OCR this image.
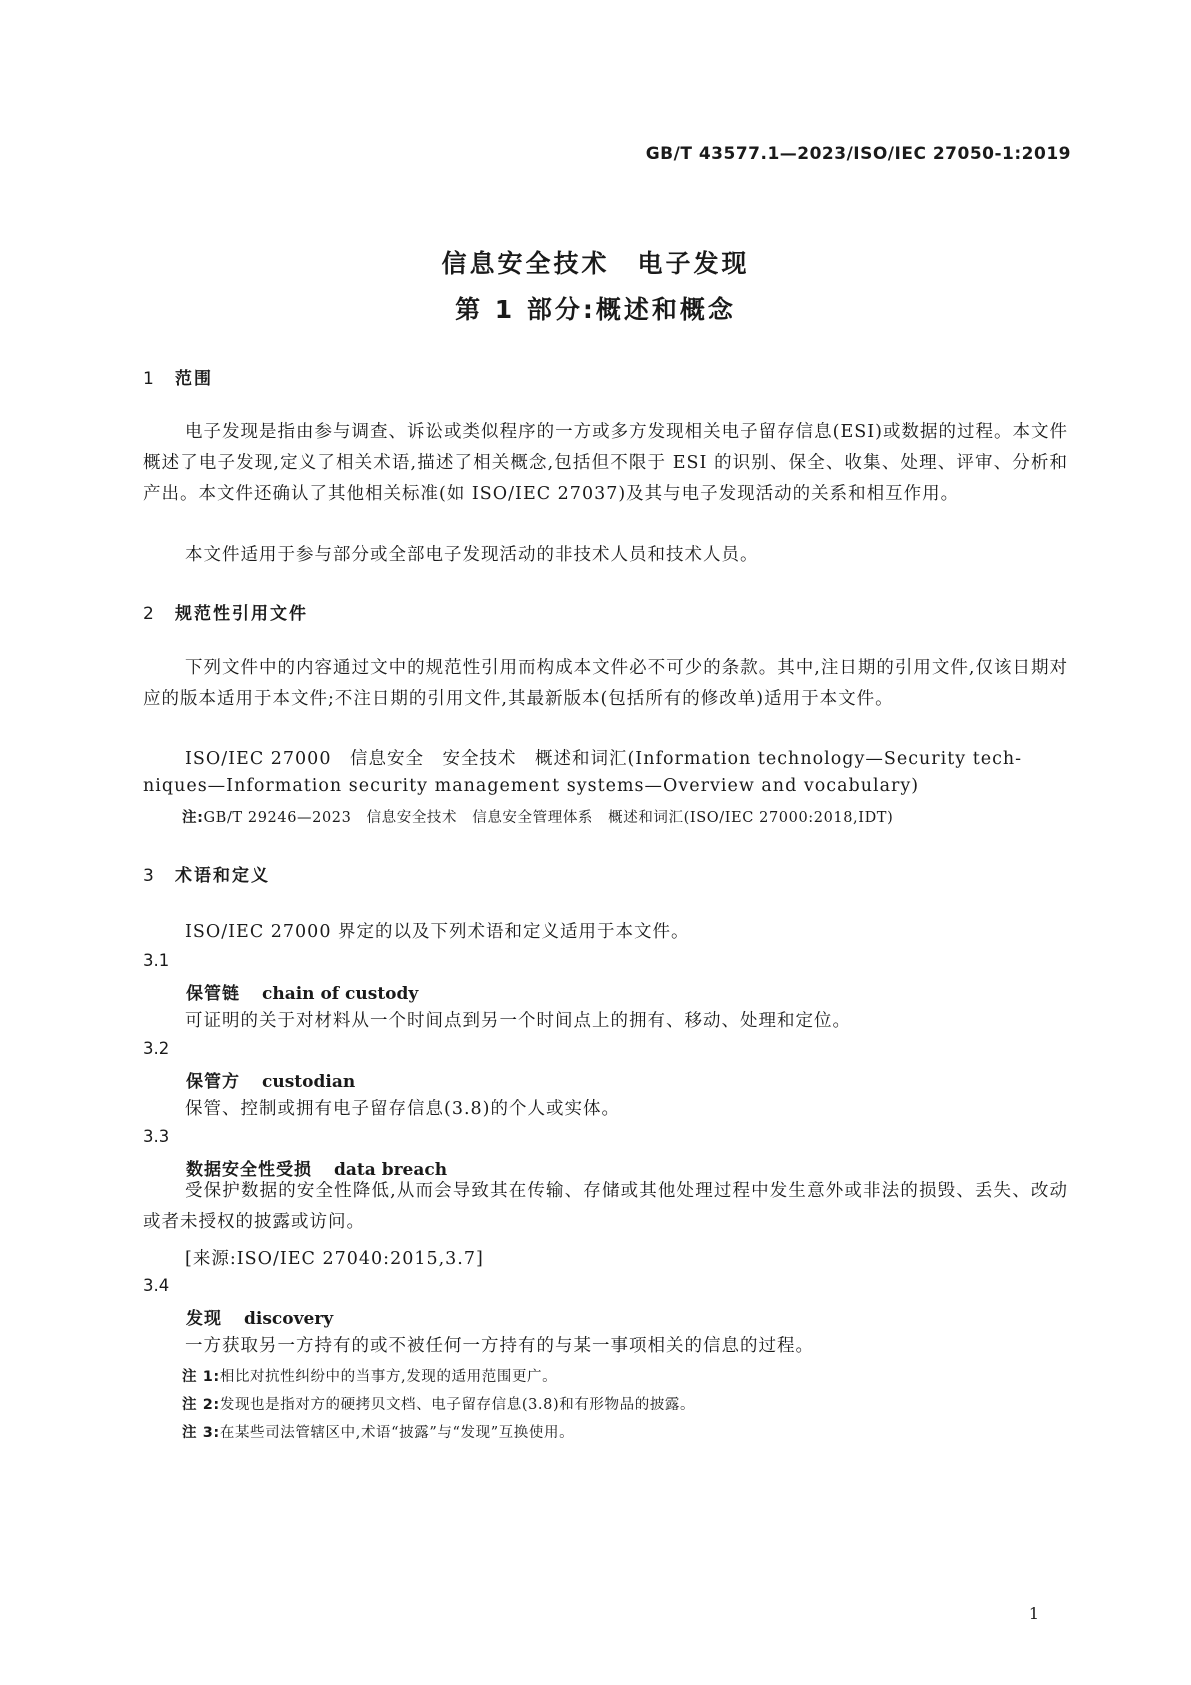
GB/T 43577.1—2023/ISO/IEC 27050-1:2019
信息安全技术　电子发现
第 1 部分:概述和概念
1 范围

电子发现是指由参与调查、诉讼或类似程序的一方或多方发现相关电子留存信息(ESI)或数据的过程。本文件概述了电子发现,定义了相关术语,描述了相关概念,包括但不限于 ESI 的识别、保全、收集、处理、评审、分析和产出。本文件还确认了其他相关标准(如 ISO/IEC 27037)及其与电子发现活动的关系和相互作用。

本文件适用于参与部分或全部电子发现活动的非技术人员和技术人员。

2 规范性引用文件

下列文件中的内容通过文中的规范性引用而构成本文件必不可少的条款。其中,注日期的引用文件,仅该日期对应的版本适用于本文件;不注日期的引用文件,其最新版本(包括所有的修改单)适用于本文件。

ISO/IEC 27000　信息安全　安全技术　概述和词汇(Information technology—Security tech-
niques—Information security management systems—Overview and vocabulary)
注:GB/T 29246—2023　信息安全技术　信息安全管理体系　概述和词汇(ISO/IEC 27000:2018,IDT)
3 术语和定义
ISO/IEC 27000 界定的以及下列术语和定义适用于本文件。
3.1
保管链 chain of custody
可证明的关于对材料从一个时间点到另一个时间点上的拥有、移动、处理和定位。
3.2
保管方 custodian
保管、控制或拥有电子留存信息(3.8)的个人或实体。
3.3
数据安全性受损 data breach

受保护数据的安全性降低,从而会导致其在传输、存储或其他处理过程中发生意外或非法的损毁、丢失、改动或者未授权的披露或访问。

[来源:ISO/IEC 27040:2015,3.7]
3.4
发现 discovery
一方获取另一方持有的或不被任何一方持有的与某一事项相关的信息的过程。
注 1:相比对抗性纠纷中的当事方,发现的适用范围更广。
注 2:发现也是指对方的硬拷贝文档、电子留存信息(3.8)和有形物品的披露。
注 3:在某些司法管辖区中,术语“披露”与“发现”互换使用。
1
